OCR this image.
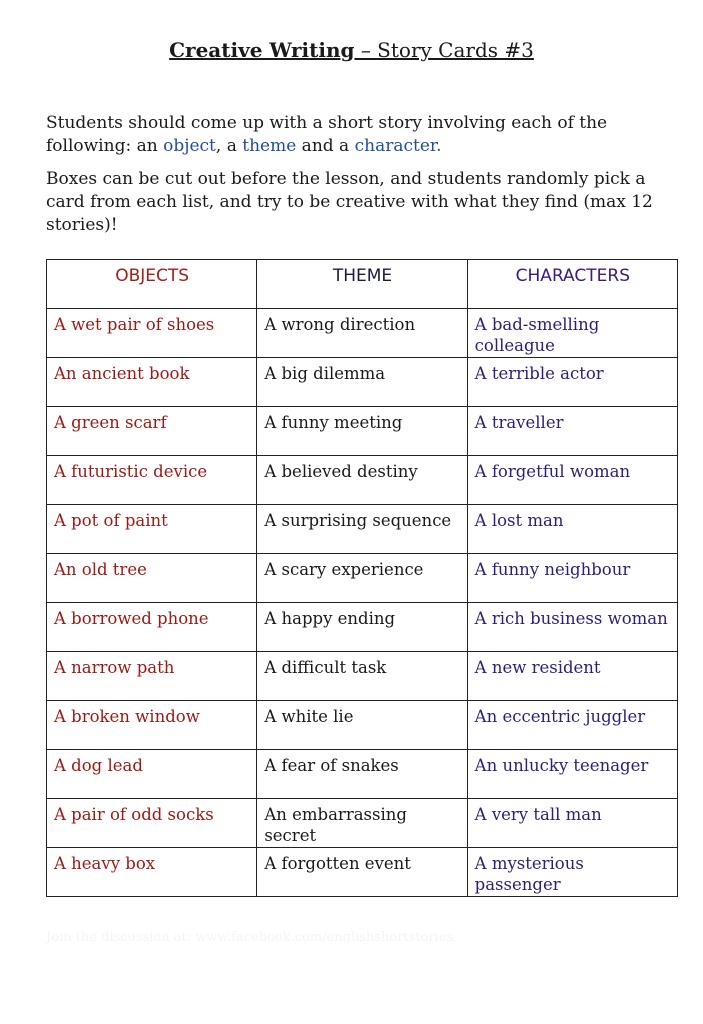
Creative Writing – Story Cards #3

Students should come up with a short story involving each of the following: an object, a theme and a character.

Boxes can be cut out before the lesson, and students randomly pick a card from each list, and try to be creative with what they find (max 12 stories)!

OBJECTS	THEME	CHARACTERS
A wet pair of shoes	A wrong direction	A bad-smelling colleague
An ancient book	A big dilemma	A terrible actor
A green scarf	A funny meeting	A traveller
A futuristic device	A believed destiny	A forgetful woman
A pot of paint	A surprising sequence	A lost man
An old tree	A scary experience	A funny neighbour
A borrowed phone	A happy ending	A rich business woman
A narrow path	A difficult task	A new resident
A broken window	A white lie	An eccentric juggler
A dog lead	A fear of snakes	An unlucky teenager
A pair of odd socks	An embarrassing secret	A very tall man
A heavy box	A forgotten event	A mysterious passenger
Join the discussion at: www.facebook.com/englishshortstories
